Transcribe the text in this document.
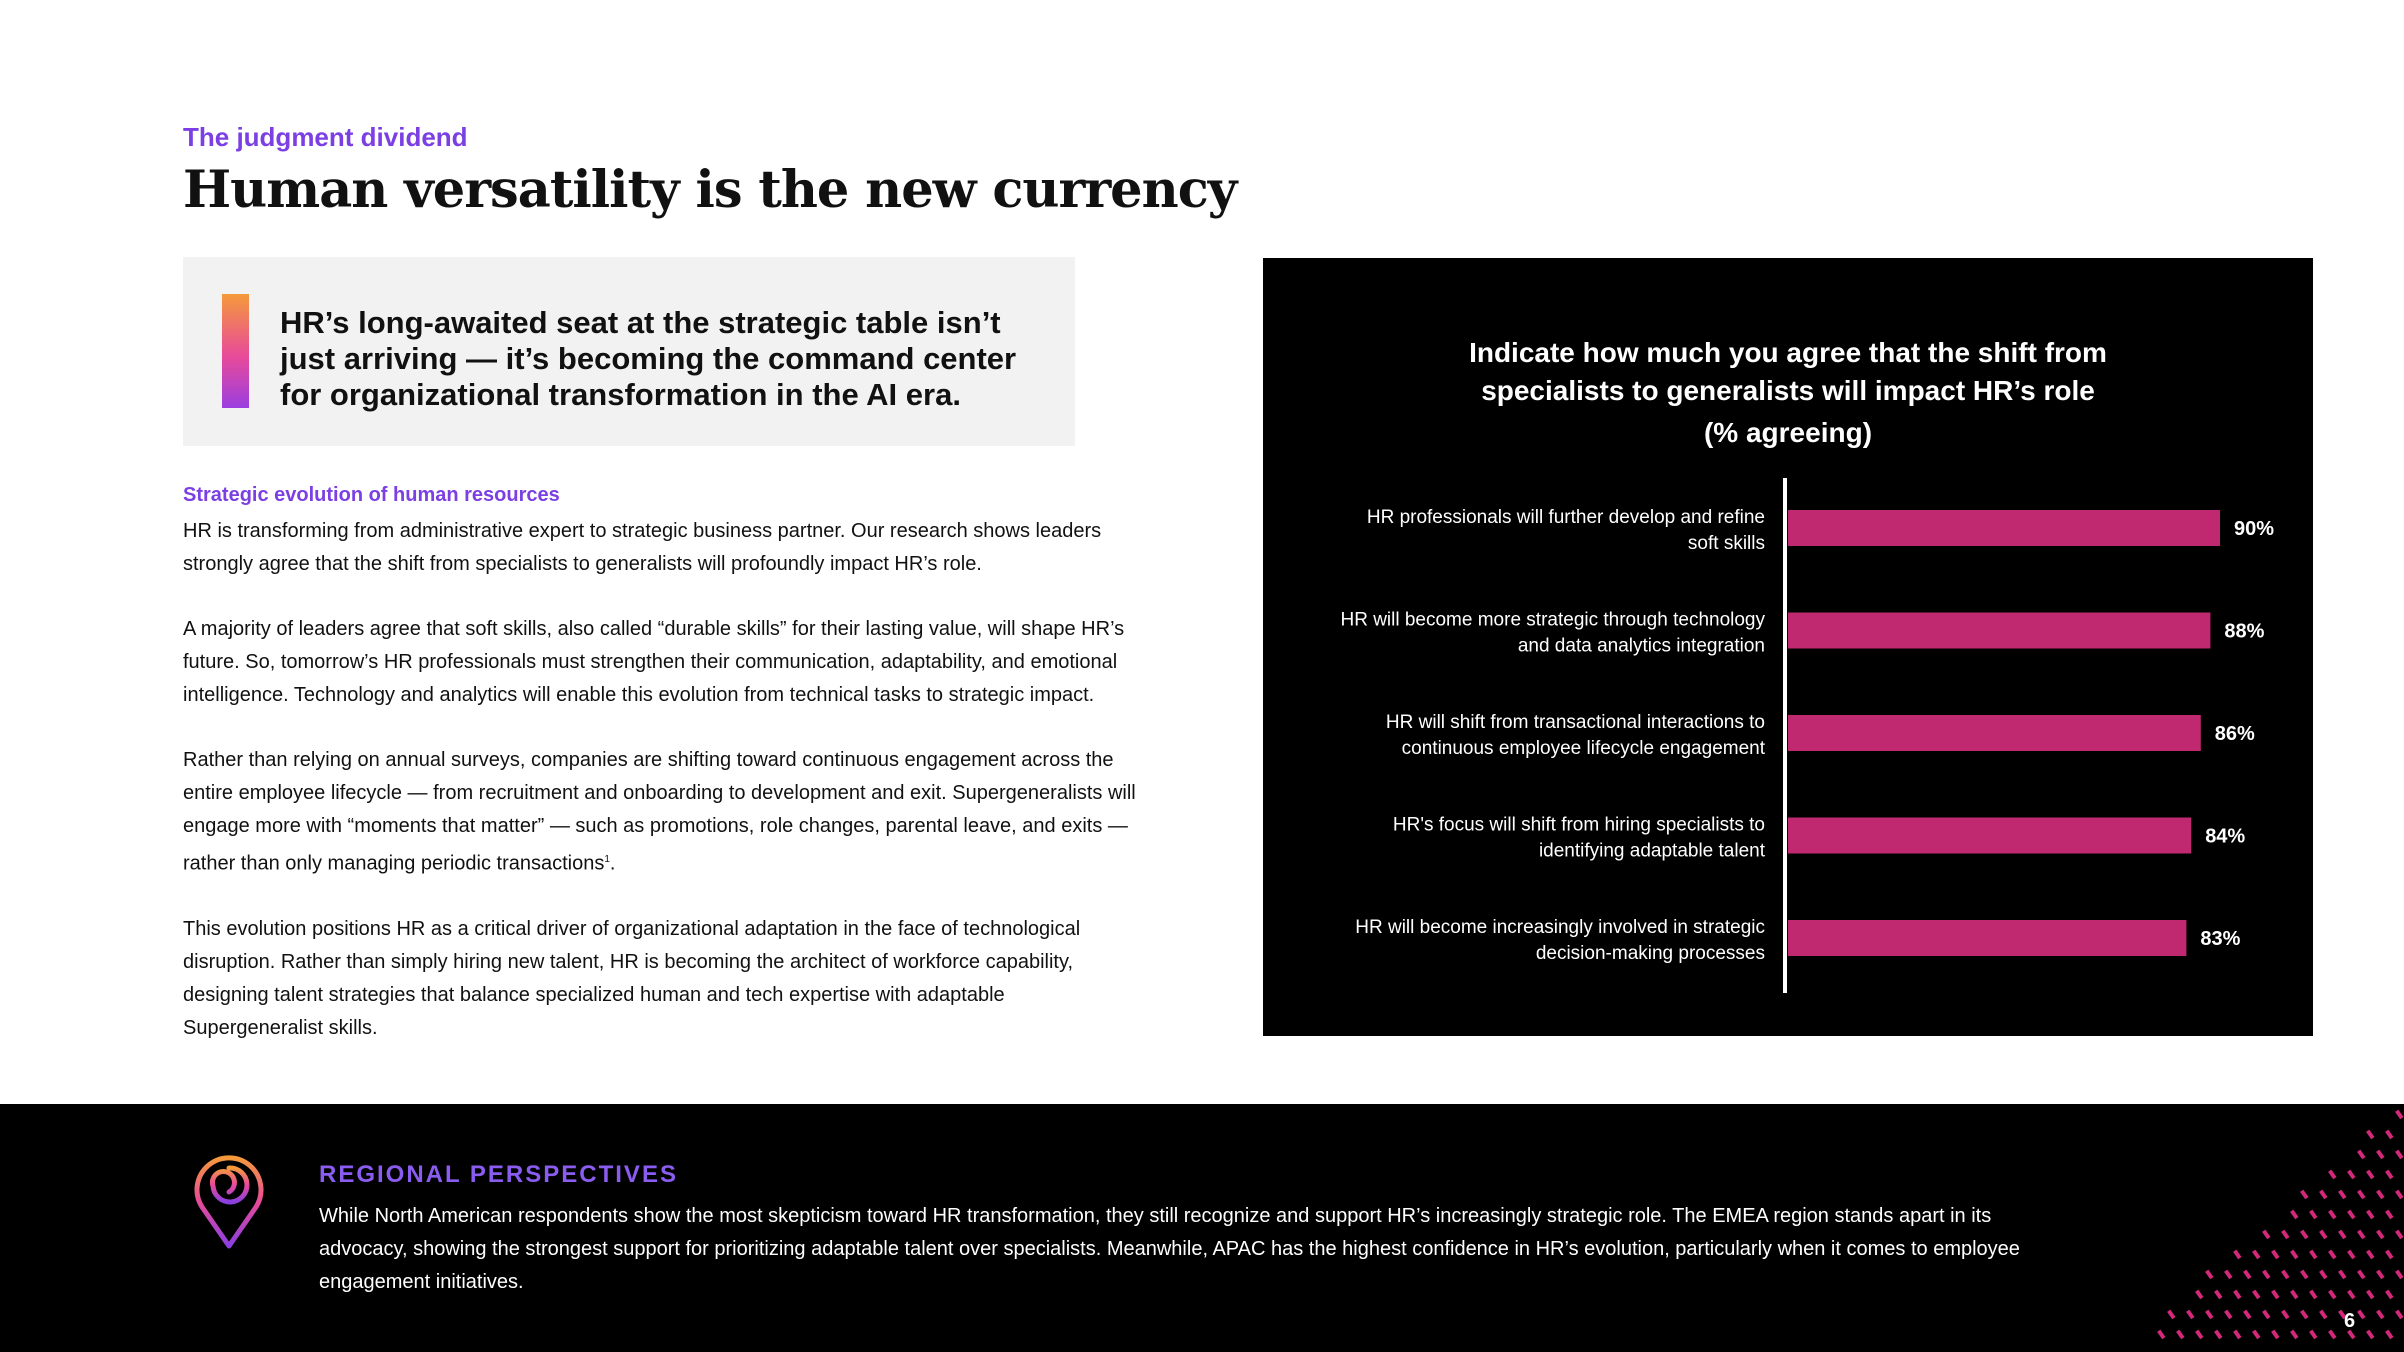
The judgment dividend
Human versatility is the new currency
HR’s long-awaited seat at the strategic table isn’t just arriving — it’s becoming the command center for organizational transformation in the AI era.
Strategic evolution of human resources

HR is transforming from administrative expert to strategic business partner. Our research shows leaders strongly agree that the shift from specialists to generalists will profoundly impact HR’s role.

A majority of leaders agree that soft skills, also called “durable skills” for their lasting value, will shape HR’s future. So, tomorrow’s HR professionals must strengthen their communication, adaptability, and emotional intelligence. Technology and analytics will enable this evolution from technical tasks to strategic impact.

Rather than relying on annual surveys, companies are shifting toward continuous engagement across the entire employee lifecycle — from recruitment and onboarding to development and exit. Supergeneralists will engage more with “moments that matter” — such as promotions, role changes, parental leave, and exits — rather than only managing periodic transactions$^1$.

This evolution positions HR as a critical driver of organizational adaptation in the face of technological disruption. Rather than simply hiring new talent, HR is becoming the architect of workforce capability, designing talent strategies that balance specialized human and tech expertise with adaptable Supergeneralist skills.

Indicate how much you agree that the shift from
specialists to generalists will impact HR’s role
(% agreeing)
90%
HR professionals will further develop and refine soft skills
88%
HR will become more strategic through technology and data analytics integration
86%
HR will shift from transactional interactions to continuous employee lifecycle engagement
84%
HR's focus will shift from hiring specialists to identifying adaptable talent
83%
HR will become increasingly involved in strategic decision-making processes
REGIONAL PERSPECTIVES
While North American respondents show the most skepticism toward HR transformation, they still recognize and support HR’s increasingly strategic role. The EMEA region stands apart in its advocacy, showing the strongest support for prioritizing adaptable talent over specialists. Meanwhile, APAC has the highest confidence in HR’s evolution, particularly when it comes to employee engagement initiatives.
6
